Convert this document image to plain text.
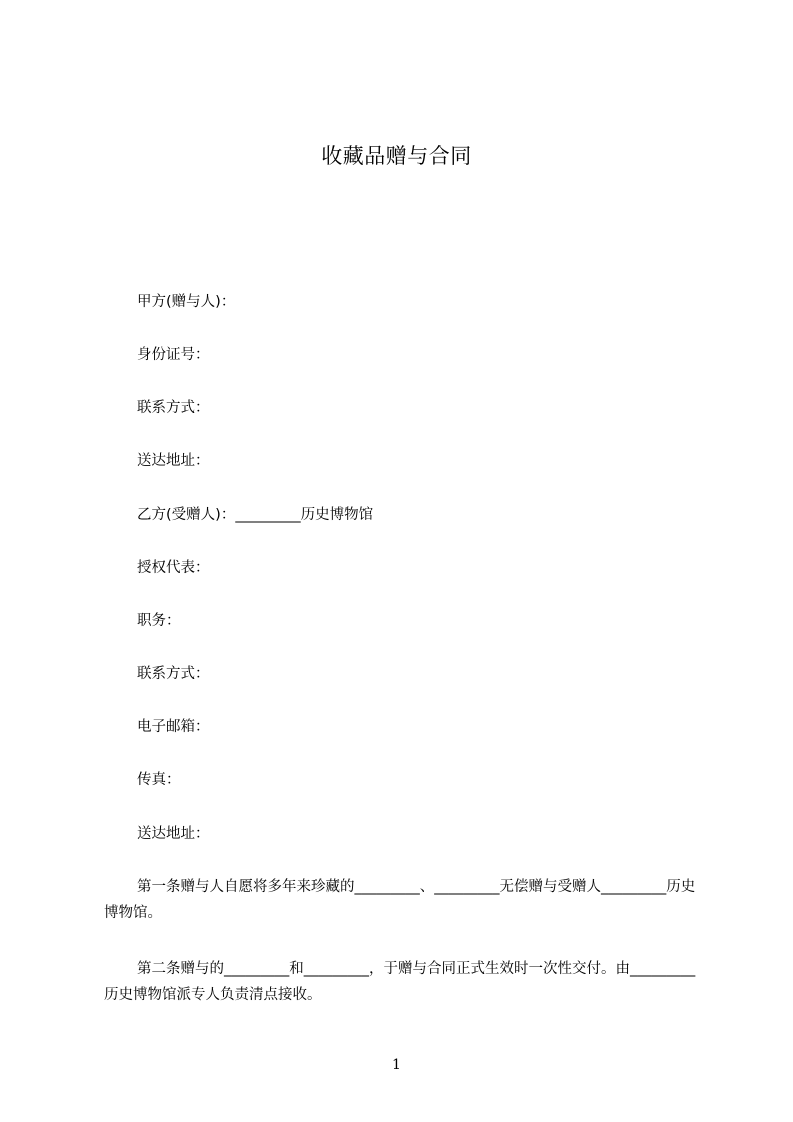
收藏品赠与合同
甲方(赠与人)：
身份证号：
联系方式：
送达地址：
乙方(受赠人)：_________历史博物馆
授权代表：
职务：
联系方式：
电子邮箱：
传真：
送达地址：
第一条赠与人自愿将多年来珍藏的_________、_________无偿赠与受赠人_________历史博物馆。
第二条赠与的_________和_________，于赠与合同正式生效时一次性交付。由_________历史博物馆派专人负责清点接收。
1
